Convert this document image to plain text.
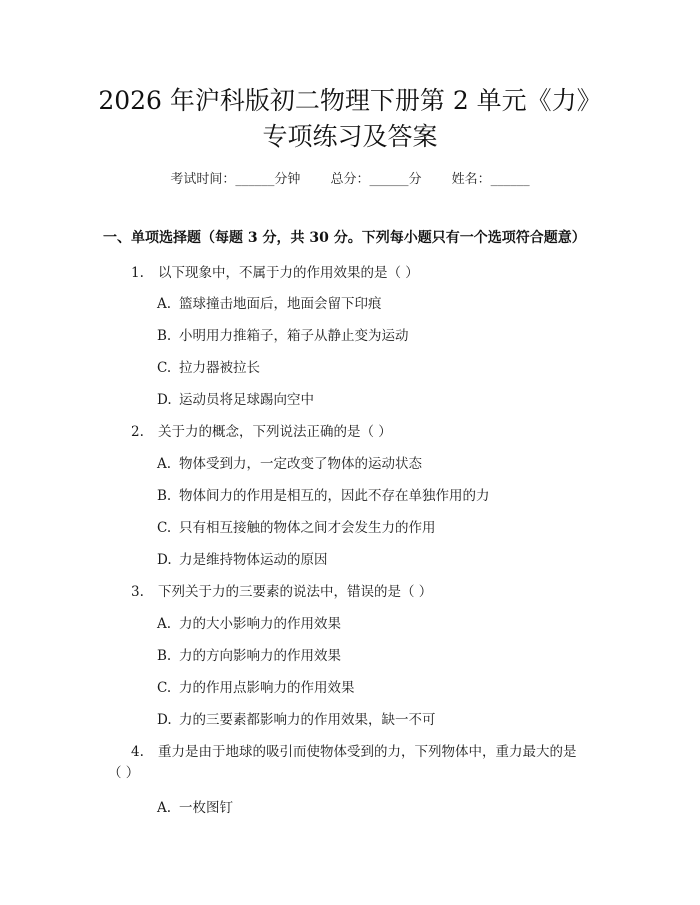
2026 年沪科版初二物理下册第 2 单元《力》
专项练习及答案
考试时间：______分钟 总分：______分 姓名：______
一、单项选择题（每题 3 分，共 30 分。下列每小题只有一个选项符合题意）
1. 以下现象中，不属于力的作用效果的是（ ）
A. 篮球撞击地面后，地面会留下印痕
B. 小明用力推箱子，箱子从静止变为运动
C. 拉力器被拉长
D. 运动员将足球踢向空中
2. 关于力的概念，下列说法正确的是（ ）
A. 物体受到力，一定改变了物体的运动状态
B. 物体间力的作用是相互的，因此不存在单独作用的力
C. 只有相互接触的物体之间才会发生力的作用
D. 力是维持物体运动的原因
3. 下列关于力的三要素的说法中，错误的是（ ）
A. 力的大小影响力的作用效果
B. 力的方向影响力的作用效果
C. 力的作用点影响力的作用效果
D. 力的三要素都影响力的作用效果，缺一不可
4. 重力是由于地球的吸引而使物体受到的力，下列物体中，重力最大的是
（ ）
A. 一枚图钉
